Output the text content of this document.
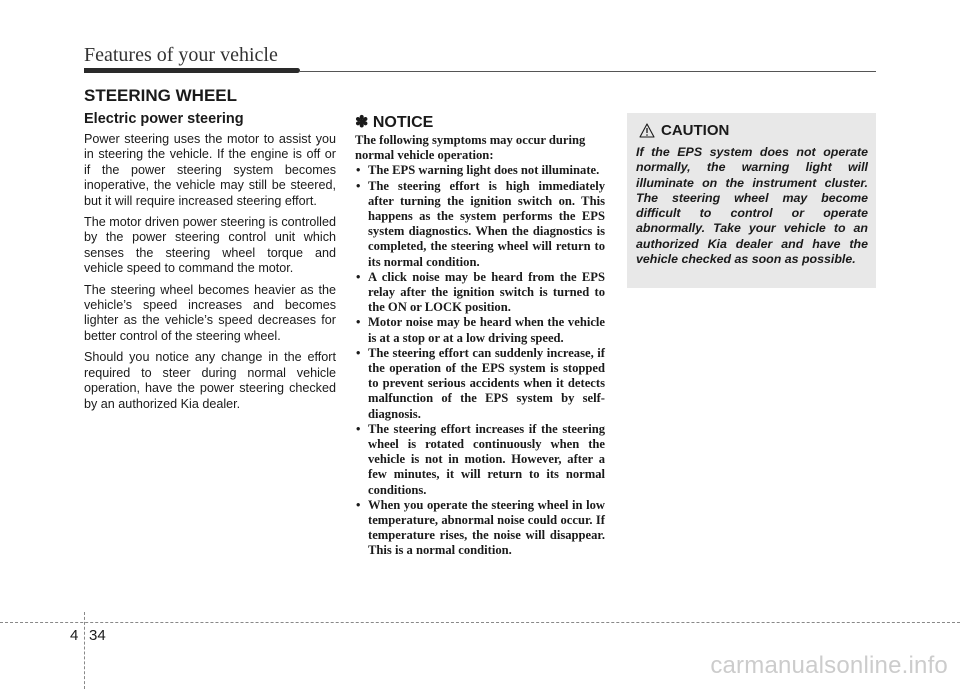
Features of your vehicle
STEERING WHEEL
Electric power steering

Power steering uses the motor to assist you in steering the vehicle. If the engine is off or if the power steering system becomes inoperative, the vehicle may still be steered, but it will require increased steering effort.

The motor driven power steering is controlled by the power steering control unit which senses the steering wheel torque and vehicle speed to command the motor.

The steering wheel becomes heavier as the vehicle’s speed increases and becomes lighter as the vehicle’s speed decreases for better control of the steering wheel.

Should you notice any change in the effort required to steer during normal vehicle operation, have the power steering checked by an authorized Kia dealer.

✽ NOTICE

The following symptoms may occur during normal vehicle operation:

• The EPS warning light does not illuminate.
• The steering effort is high immediately after turning the ignition switch on. This happens as the system performs the EPS system diagnostics. When the diagnostics is completed, the steering wheel will return to its normal condition.
• A click noise may be heard from the EPS relay after the ignition switch is turned to the ON or LOCK position.
• Motor noise may be heard when the vehicle is at a stop or at a low driving speed.
• The steering effort can suddenly increase, if the operation of the EPS system is stopped to prevent serious accidents when it detects malfunction of the EPS system by self-diagnosis.
• The steering effort increases if the steering wheel is rotated continuously when the vehicle is not in motion. However, after a few minutes, it will return to its normal conditions.
• When you operate the steering wheel in low temperature, abnormal noise could occur. If temperature rises, the noise will disappear. This is a normal condition.
CAUTION

If the EPS system does not operate normally, the warning light will illuminate on the instrument cluster. The steering wheel may become difficult to control or operate abnormally. Take your vehicle to an authorized Kia dealer and have the vehicle checked as soon as possible.

4 34
carmanualsonline.info
